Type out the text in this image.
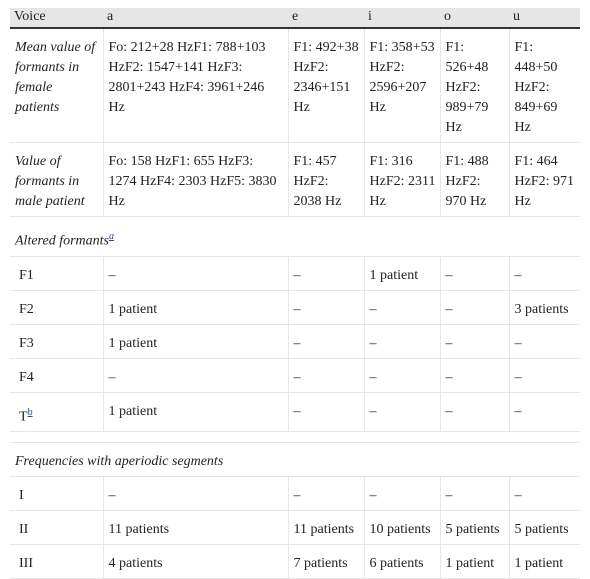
Voice	a	e	i	o	u
Mean value of formants in female patients	Fo: 212+28 HzF1: 788+103 HzF2: 1547+141 HzF3: 2801+243 HzF4: 3961+246 Hz	F1: 492+38 HzF2: 2346+151 Hz	F1: 358+53 HzF2: 2596+207 Hz	F1: 526+48 HzF2: 989+79 Hz	F1: 448+50 HzF2: 849+69 Hz
Value of formants in male patient	Fo: 158 HzF1: 655 HzF3: 1274 HzF4: 2303 HzF5: 3830 Hz	F1: 457 HzF2: 2038 Hz	F1: 316 HzF2: 2311 Hz	F1: 488 HzF2: 970 Hz	F1: 464 HzF2: 971 Hz
Altered formants$^a$
F1	–	–	1 patient	–	–
F2	1 patient	–	–	–	3 patients
F3	1 patient	–	–	–	–
F4	–	–	–	–	–
T$^b$	1 patient	–	–	–	–

Frequencies with aperiodic segments					
I	–	–	–	–	–
II	11 patients	11 patients	10 patients	5 patients	5 patients
III	4 patients	7 patients	6 patients	1 patient	1 patient
